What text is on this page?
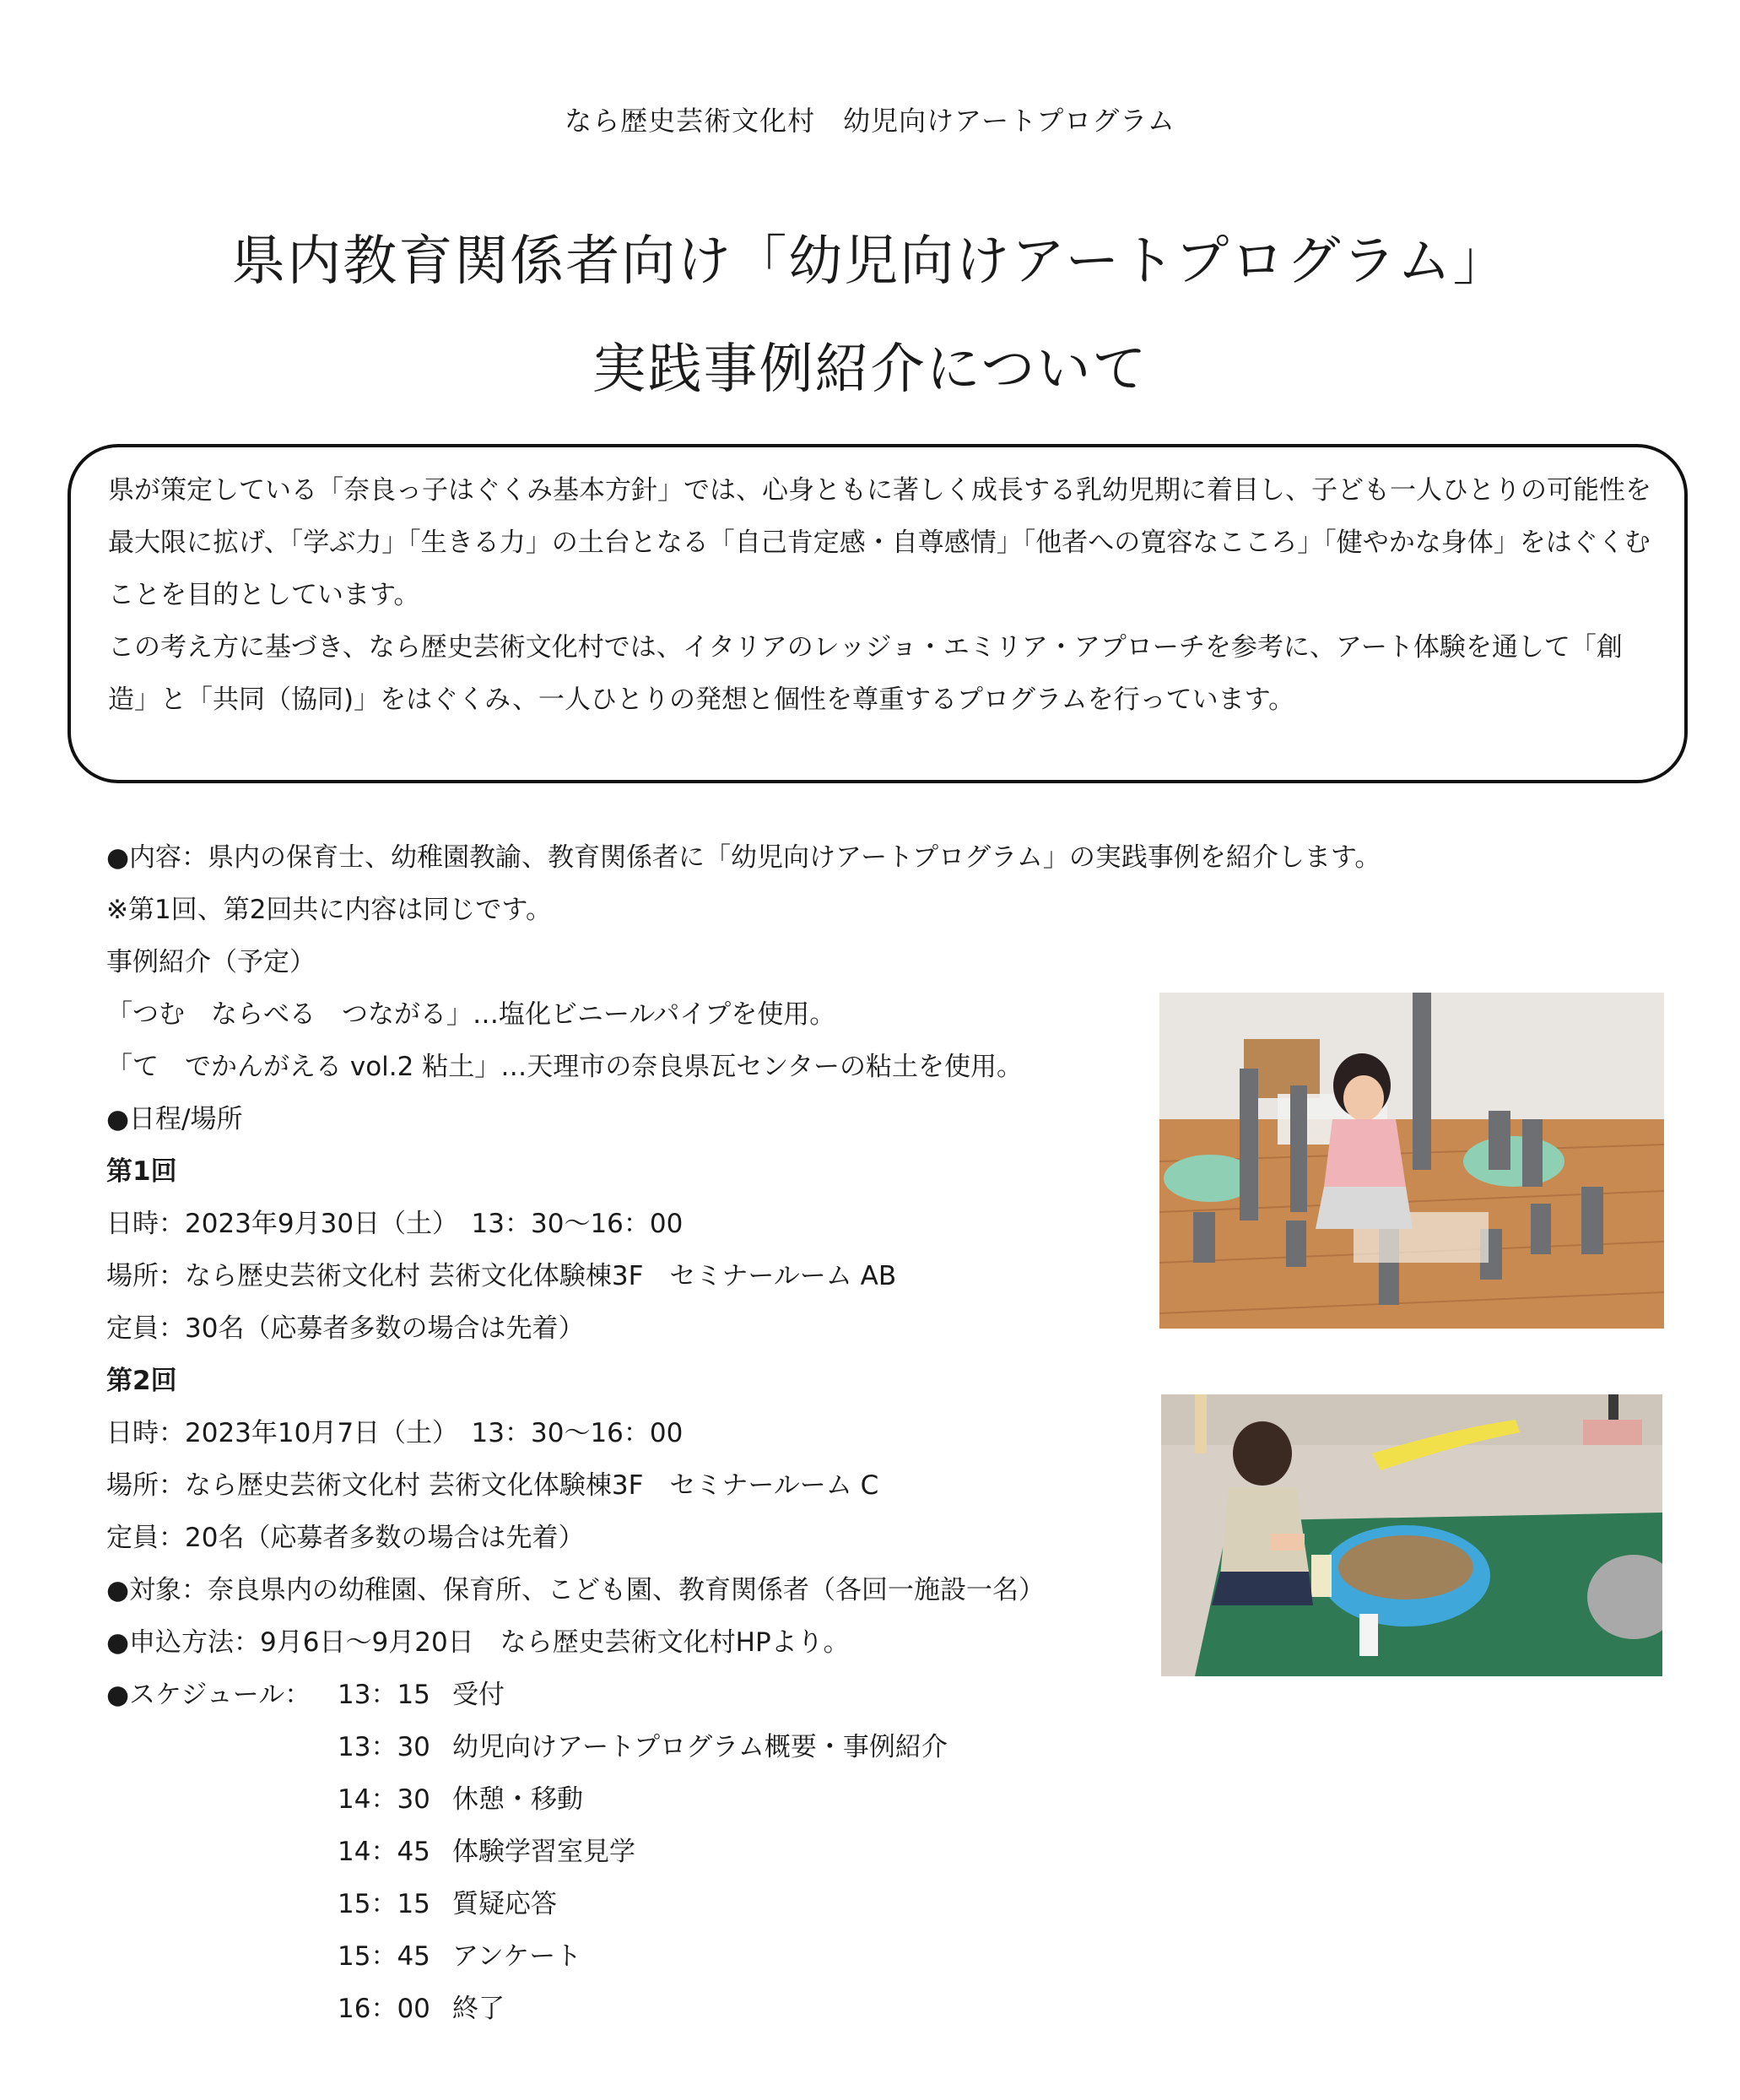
なら歴史芸術文化村　幼児向けアートプログラム
県内教育関係者向け「幼児向けアートプログラム」
実践事例紹介について
県が策定している「奈良っ子はぐくみ基本方針」では、心身ともに著しく成長する乳幼児期に着目し、子ども一人ひとりの可能性を最大限に拡げ、「学ぶ力」「生きる力」の土台となる「自己肯定感・自尊感情」「他者への寛容なこころ」「健やかな身体」をはぐくむことを目的としています。
この考え方に基づき、なら歴史芸術文化村では、イタリアのレッジョ・エミリア・アプローチを参考に、アート体験を通して「創造」と「共同（協同)」をはぐくみ、一人ひとりの発想と個性を尊重するプログラムを行っています。
●内容：県内の保育士、幼稚園教諭、教育関係者に「幼児向けアートプログラム」の実践事例を紹介します。
※第1回、第2回共に内容は同じです。
事例紹介（予定）
「つむ　ならべる　つながる」…塩化ビニールパイプを使用。
「て　でかんがえる vol.2 粘土」…天理市の奈良県瓦センターの粘土を使用。
●日程/場所
第1回
日時：2023年9月30日（土）　13：30～16：00
場所：なら歴史芸術文化村 芸術文化体験棟3F　セミナールーム AB
定員：30名（応募者多数の場合は先着）
第2回
日時：2023年10月7日（土）　13：30～16：00
場所：なら歴史芸術文化村 芸術文化体験棟3F　セミナールーム C
定員：20名（応募者多数の場合は先着）
●対象：奈良県内の幼稚園、保育所、こども園、教育関係者（各回一施設一名）
●申込方法：9月6日～9月20日　なら歴史芸術文化村HPより。
●スケジュール： 13：15 受付
13：30 幼児向けアートプログラム概要・事例紹介
14：30 休憩・移動
14：45 体験学習室見学
15：15 質疑応答
15：45 アンケート
16：00 終了
